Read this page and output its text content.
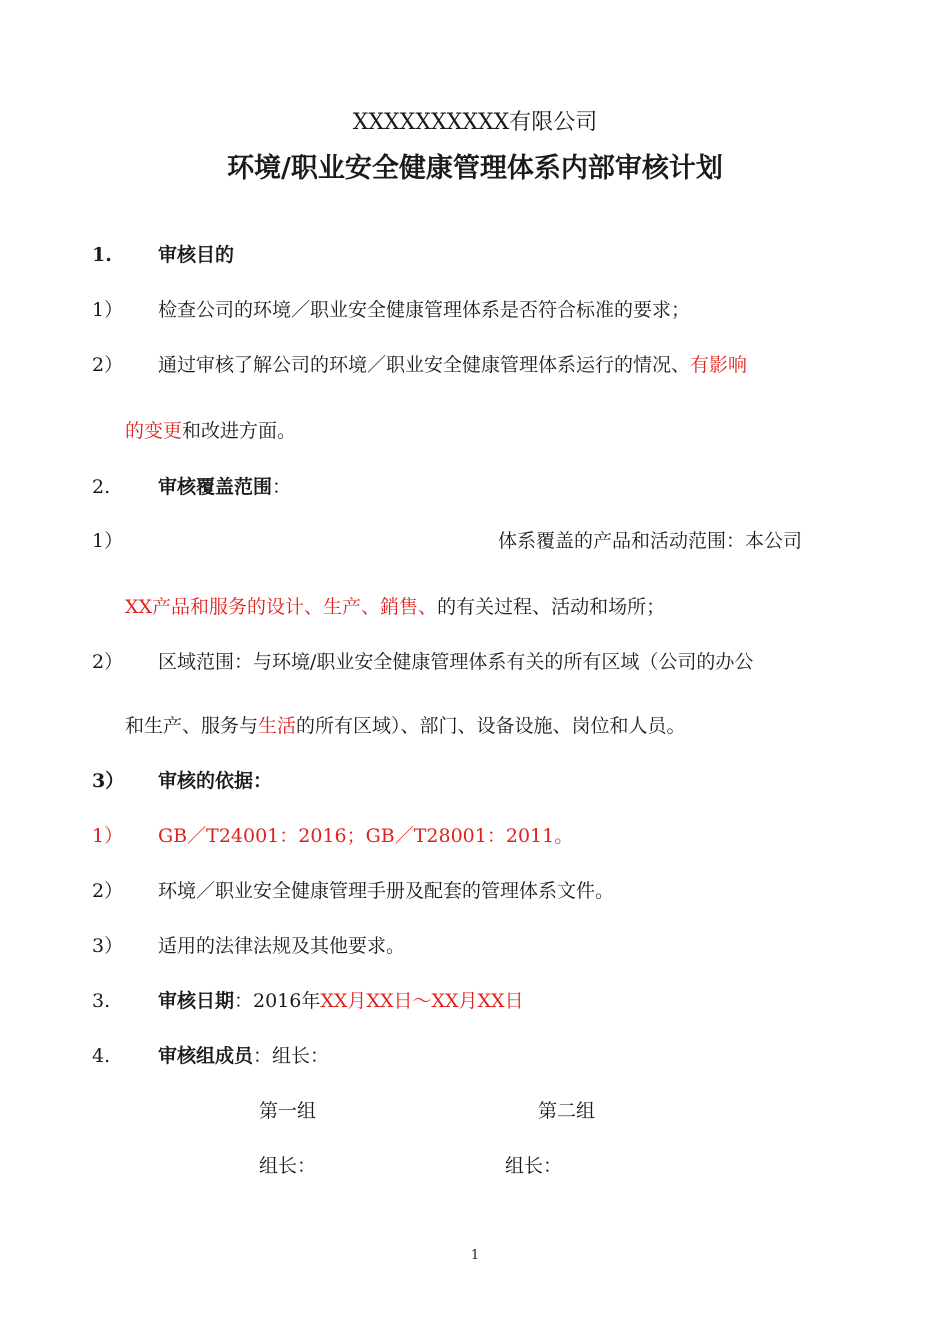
XXXXXXXXXX有限公司
环境/职业安全健康管理体系内部审核计划
1. 审核目的
1） 检查公司的环境／职业安全健康管理体系是否符合标准的要求；
2） 通过审核了解公司的环境／职业安全健康管理体系运行的情况、有影响
的变更和改进方面。
2.	审核覆盖范围：
1）	体系覆盖的产品和活动范围：本公司
XX产品和服务的设计、生产、銷售、的有关过程、活动和场所；
2） 区域范围：与环境/职业安全健康管理体系有关的所有区域（公司的办公
和生产、服务与生活的所有区域）、部门、设备设施、岗位和人员。
3） 审核的依据：
1） GB／T24001：2016；GB／T28001：2011。
2） 环境／职业安全健康管理手册及配套的管理体系文件。
3） 适用的法律法规及其他要求。
3.	审核日期：2016年XX月XX日～XX月XX日
4.	审核组成员：组长：
第一组	第二组
组长：	组长：
1
